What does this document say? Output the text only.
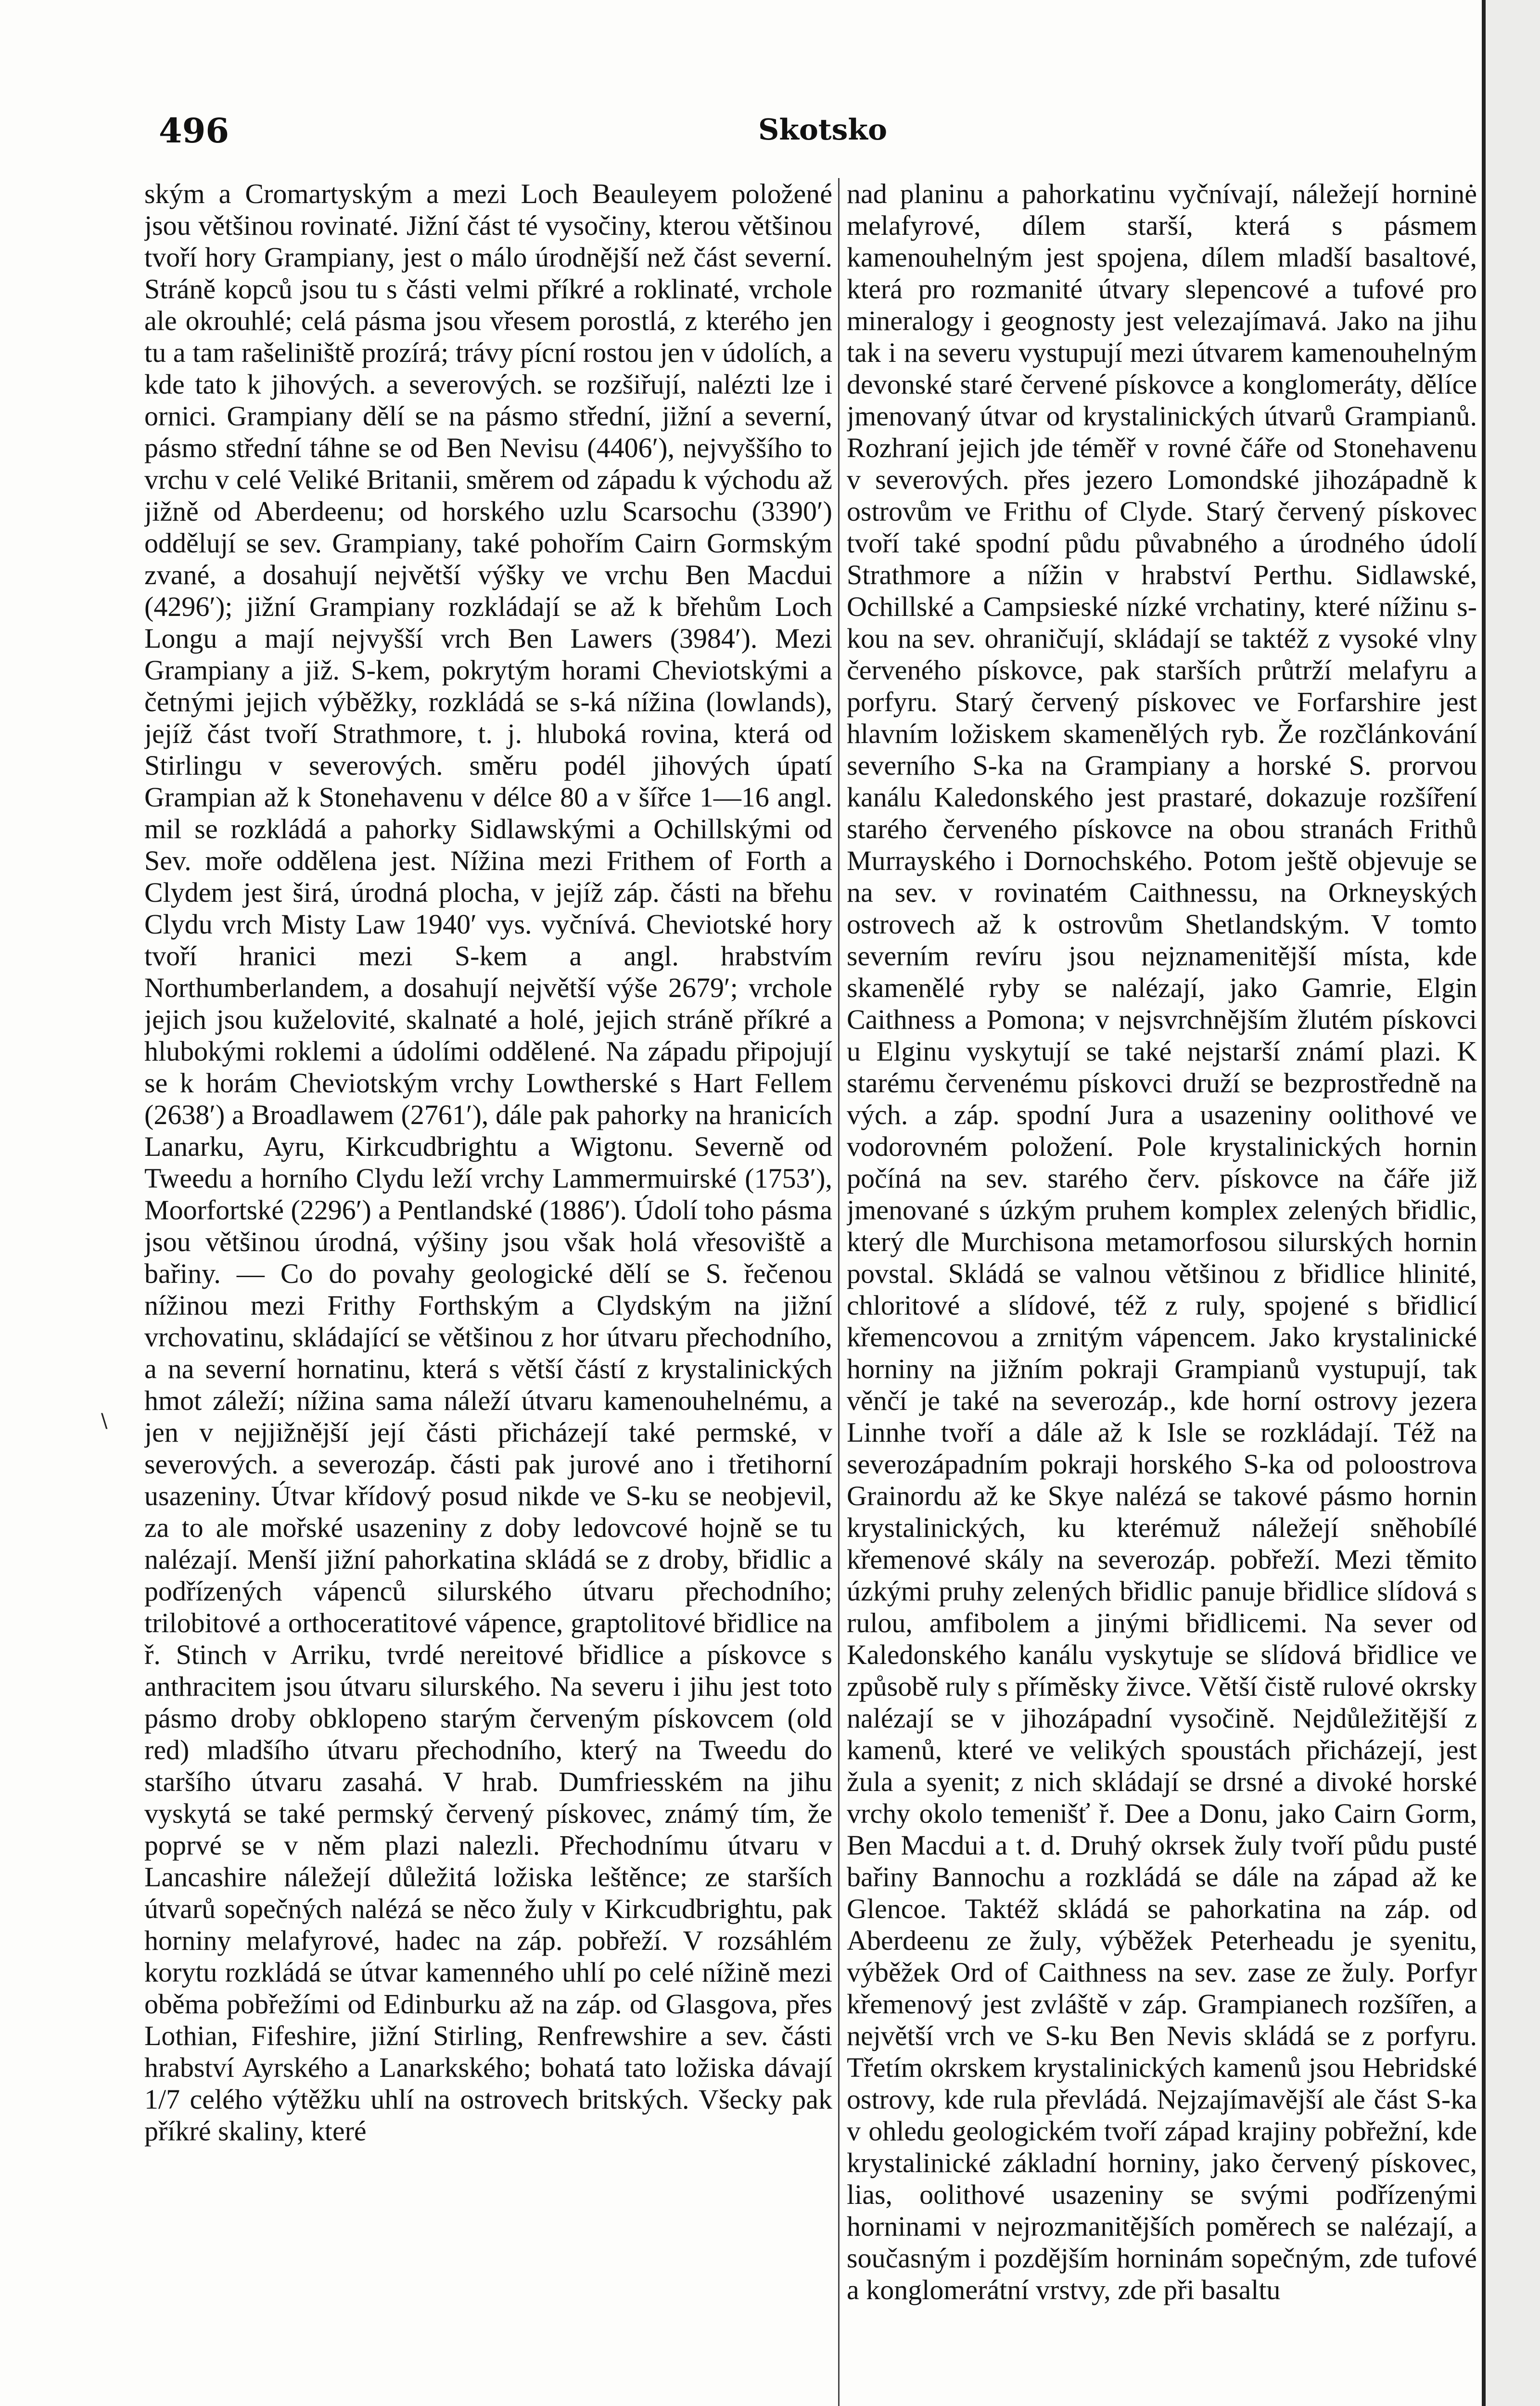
496	Skotsko

ským a Cromartyským a mezi Loch Beauleyem položené jsou většinou rovinaté. Jižní část té vysočiny, kterou většinou tvoří hory Grampiany, jest o málo úrodnější než část severní. Stráně kopců jsou tu s části velmi příkré a roklinaté, vrchole ale okrouhlé; celá pásma jsou vřesem porostlá, z kterého jen tu a tam rašeliniště prozírá; trávy pícní rostou jen v údolích, a kde tato k jihových. a severových. se rozšiřují, nalézti lze i ornici. Grampiany dělí se na pásmo střední, jižní a severní, pásmo střední táhne se od Ben Nevisu (4406′), nejvyššího to vrchu v celé Veliké Britanii, směrem od západu k východu až jižně od Aberdeenu; od horského uzlu Scarsochu (3390′) oddělují se sev. Grampiany, také pohořím Cairn Gormským zvané, a dosahují největší výšky ve vrchu Ben Macdui (4296′); jižní Grampiany rozkládají se až k břehům Loch Longu a mají nejvyšší vrch Ben Lawers (3984′). Mezi Grampiany a již. S-kem, pokrytým horami Cheviotskými a četnými jejich výběžky, rozkládá se s-ká nížina (lowlands), jejíž část tvoří Strathmore, t. j. hluboká rovina, která od Stirlingu v severových. směru podél jihových úpatí Grampian až k Stonehavenu v délce 80 a v šířce 1—16 angl. mil se rozkládá a pahorky Sidlawskými a Ochillskými od Sev. moře oddělena jest. Nížina mezi Frithem of Forth a Clydem jest širá, úrodná plocha, v jejíž záp. části na břehu Clydu vrch Misty Law 1940′ vys. vyčnívá. Cheviotské hory tvoří hranici mezi S-kem a angl. hrabstvím Northumberlandem, a dosahují největší výše 2679′; vrchole jejich jsou kuželovité, skalnaté a holé, jejich stráně příkré a hlubokými roklemi a údolími oddělené. Na západu připojují se k horám Cheviotským vrchy Lowtherské s Hart Fellem (2638′) a Broadlawem (2761′), dále pak pahorky na hranicích Lanarku, Ayru, Kirkcudbrightu a Wigtonu. Severně od Tweedu a horního Clydu leží vrchy Lammermuirské (1753′), Moorfortské (2296′) a Pentlandské (1886′). Údolí toho pásma jsou většinou úrodná, výšiny jsou však holá vřesoviště a bařiny. — Co do povahy geologické dělí se S. řečenou nížinou mezi Frithy Forthským a Clydským na jižní vrchovatinu, skládající se většinou z hor útvaru přechodního, a na severní hornatinu, která s větší částí z krystalinických hmot záleží; nížina sama náleží útvaru kamenouhelnému, a jen v nejjižnější její části přicházejí také permské, v severových. a severozáp. části pak jurové ano i třetihorní usazeniny. Útvar křídový posud nikde ve S-ku se neobjevil, za to ale mořské usazeniny z doby ledovcové hojně se tu nalézají. Menší jižní pahorkatina skládá se z droby, břidlic a podřízených vápenců silurského útvaru přechodního; trilobitové a orthoceratitové vápence, graptolitové břidlice na ř. Stinch v Arriku, tvrdé nereitové břidlice a pískovce s anthracitem jsou útvaru silurského. Na severu i jihu jest toto pásmo droby obklopeno starým červeným pískovcem (old red) mladšího útvaru přechodního, který na Tweedu do staršího útvaru zasahá. V hrab. Dumfriesském na jihu vyskytá se také permský červený pískovec, známý tím, že poprvé se v něm plazi nalezli. Přechodnímu útvaru v Lancashire náležejí důležitá ložiska leštěnce; ze starších útvarů sopečných nalézá se něco žuly v Kirkcudbrightu, pak horniny melafyrové, hadec na záp. pobřeží. V rozsáhlém korytu rozkládá se útvar kamenného uhlí po celé nížině mezi oběma pobřežími od Edinburku až na záp. od Glasgova, přes Lothian, Fifeshire, jižní Stirling, Renfrewshire a sev. části hrabství Ayrského a Lanarkského; bohatá tato ložiska dávají 1/7 celého výtěžku uhlí na ostrovech britských. Všecky pak příkré skaliny, které

nad planinu a pahorkatinu vyčnívají, náležejí horninė melafyrové, dílem starší, která s pásmem kamenouhelným jest spojena, dílem mladší basaltové, která pro rozmanité útvary slepencové a tufové pro mineralogy i geognosty jest velezajímavá. Jako na jihu tak i na severu vystupují mezi útvarem kamenouhelným devonské staré červené pískovce a konglomeráty, dělíce jmenovaný útvar od krystalinických útvarů Grampianů. Rozhraní jejich jde téměř v rovné čáře od Stonehavenu v severových. přes jezero Lomondské jihozápadně k ostrovům ve Frithu of Clyde. Starý červený pískovec tvoří také spodní půdu půvabného a úrodného údolí Strathmore a nížin v hrabství Perthu. Sidlawské, Ochillské a Campsieské nízké vrchatiny, které nížinu s-kou na sev. ohraničují, skládají se taktéž z vysoké vlny červeného pískovce, pak starších průtrží melafyru a porfyru. Starý červený pískovec ve Forfarshire jest hlavním ložiskem skamenělých ryb. Že rozčlánkování severního S-ka na Grampiany a horské S. prorvou kanálu Kaledonského jest prastaré, dokazuje rozšíření starého červeného pískovce na obou stranách Frithů Murrayského i Dornochského. Potom ještě objevuje se na sev. v rovinatém Caithnessu, na Orkneyských ostrovech až k ostrovům Shetlandským. V tomto severním revíru jsou nejznamenitější místa, kde skamenělé ryby se nalézají, jako Gamrie, Elgin Caithness a Pomona; v nejsvrchnějším žlutém pískovci u Elginu vyskytují se také nejstarší známí plazi. K starému červenému pískovci druží se bezprostředně na vých. a záp. spodní Jura a usazeniny oolithové ve vodorovném položení. Pole krystalinických hornin počíná na sev. starého červ. pískovce na čáře již jmenované s úzkým pruhem komplex zelených břidlic, který dle Murchisona metamorfosou silurských hornin povstal. Skládá se valnou většinou z břidlice hlinité, chloritové a slídové, též z ruly, spojené s břidlicí křemencovou a zrnitým vápencem. Jako krystalinické horniny na jižním pokraji Grampianů vystupují, tak věnčí je také na severozáp., kde horní ostrovy jezera Linnhe tvoří a dále až k Isle se rozkládají. Též na severozápadním pokraji horského S-ka od poloostrova Grainordu až ke Skye nalézá se takové pásmo hornin krystalinických, ku kterémuž náležejí sněhobílé křemenové skály na severozáp. pobřeží. Mezi těmito úzkými pruhy zelených břidlic panuje břidlice slídová s rulou, amfibolem a jinými břidlicemi. Na sever od Kaledonského kanálu vyskytuje se slídová břidlice ve způsobě ruly s příměsky živce. Větší čistě rulové okrsky nalézají se v jihozápadní vysočině. Nejdůležitější z kamenů, které ve velikých spoustách přicházejí, jest žula a syenit; z nich skládají se drsné a divoké horské vrchy okolo temenišť ř. Dee a Donu, jako Cairn Gorm, Ben Macdui a t. d. Druhý okrsek žuly tvoří půdu pusté bařiny Bannochu a rozkládá se dále na západ až ke Glencoe. Taktéž skládá se pahorkatina na záp. od Aberdeenu ze žuly, výběžek Peterheadu je syenitu, výběžek Ord of Caithness na sev. zase ze žuly. Porfyr křemenový jest zvláště v záp. Grampianech rozšířen, a největší vrch ve S-ku Ben Nevis skládá se z porfyru. Třetím okrskem krystalinických kamenů jsou Hebridské ostrovy, kde rula převládá. Nejzajímavější ale část S-ka v ohledu geologickém tvoří západ krajiny pobřežní, kde krystalinické základní horniny, jako červený pískovec, lias, oolithové usazeniny se svými podřízenými horninami v nejrozmanitějších poměrech se nalézají, a současným i pozdějším horninám sopečným, zde tufové a konglomerátní vrstvy, zde při basaltu

\
